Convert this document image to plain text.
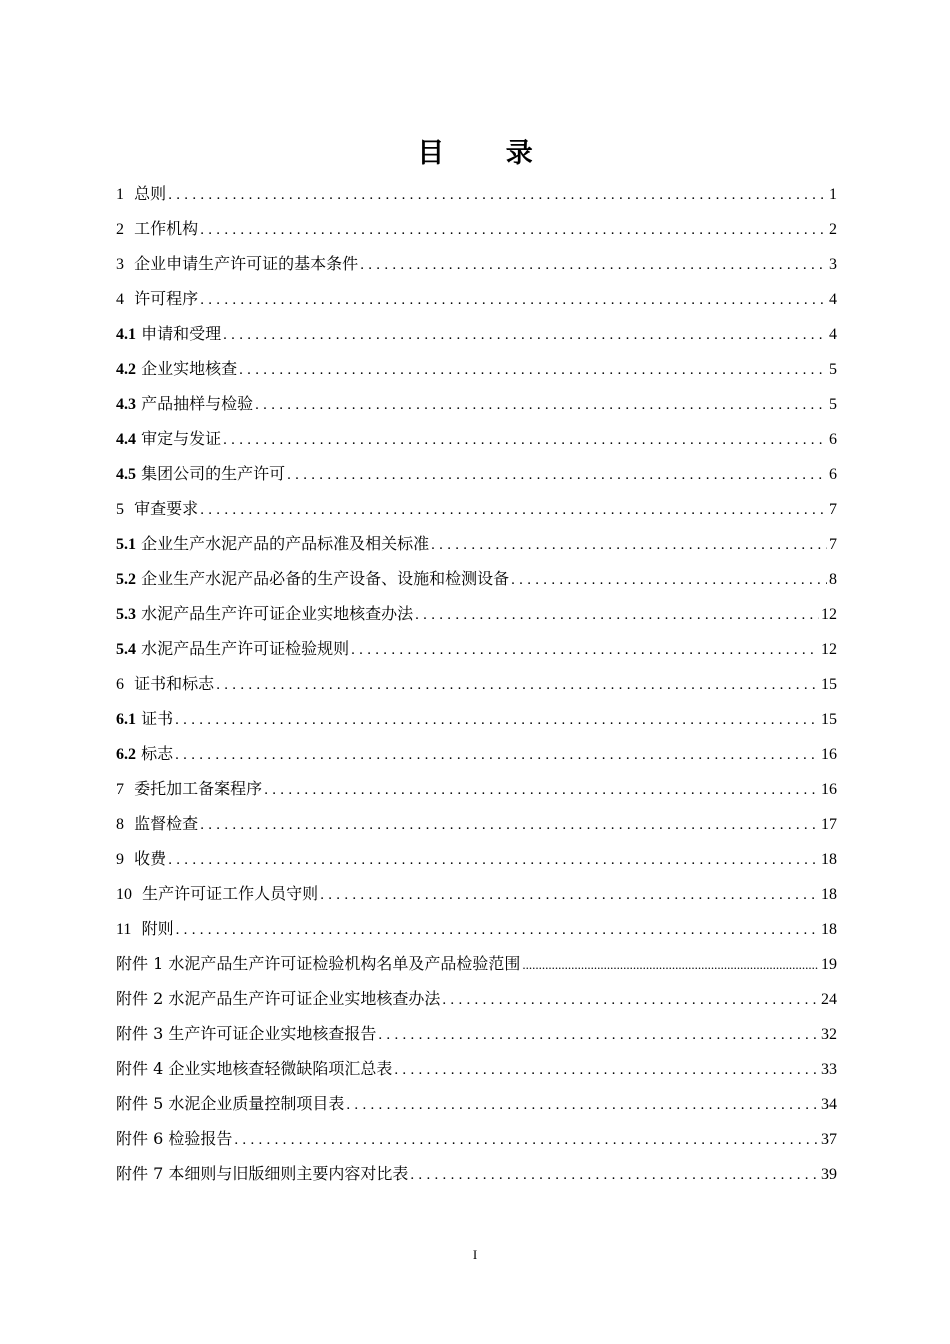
目 录
1 总则 .....	1
2 工作机构 .....	2
3 企业申请生产许可证的基本条件 .....	3
4 许可程序 .....	4
4.1 申请和受理 .....	4
4.2 企业实地核查 .....	5
4.3 产品抽样与检验 .....	5
4.4 审定与发证 .....	6
4.5 集团公司的生产许可 .....	6
5 审查要求 .....	7
5.1 企业生产水泥产品的产品标准及相关标准 .....	7
5.2 企业生产水泥产品必备的生产设备、设施和检测设备 .....	8
5.3 水泥产品生产许可证企业实地核查办法 .....	12
5.4 水泥产品生产许可证检验规则 .....	12
6 证书和标志 .....	15
6.1 证书 .....	15
6.2 标志 .....	16
7 委托加工备案程序 .....	16
8 监督检查 .....	17
9 收费 .....	18
10 生产许可证工作人员守则 .....	18
11 附则 .....	18
附件 1 水泥产品生产许可证检验机构名单及产品检验范围 .....	19
附件 2 水泥产品生产许可证企业实地核查办法 .....	24
附件 3 生产许可证企业实地核查报告 .....	32
附件 4 企业实地核查轻微缺陷项汇总表 .....	33
附件 5 水泥企业质量控制项目表 .....	34
附件 6 检验报告 .....	37
附件 7 本细则与旧版细则主要内容对比表 .....	39
I
